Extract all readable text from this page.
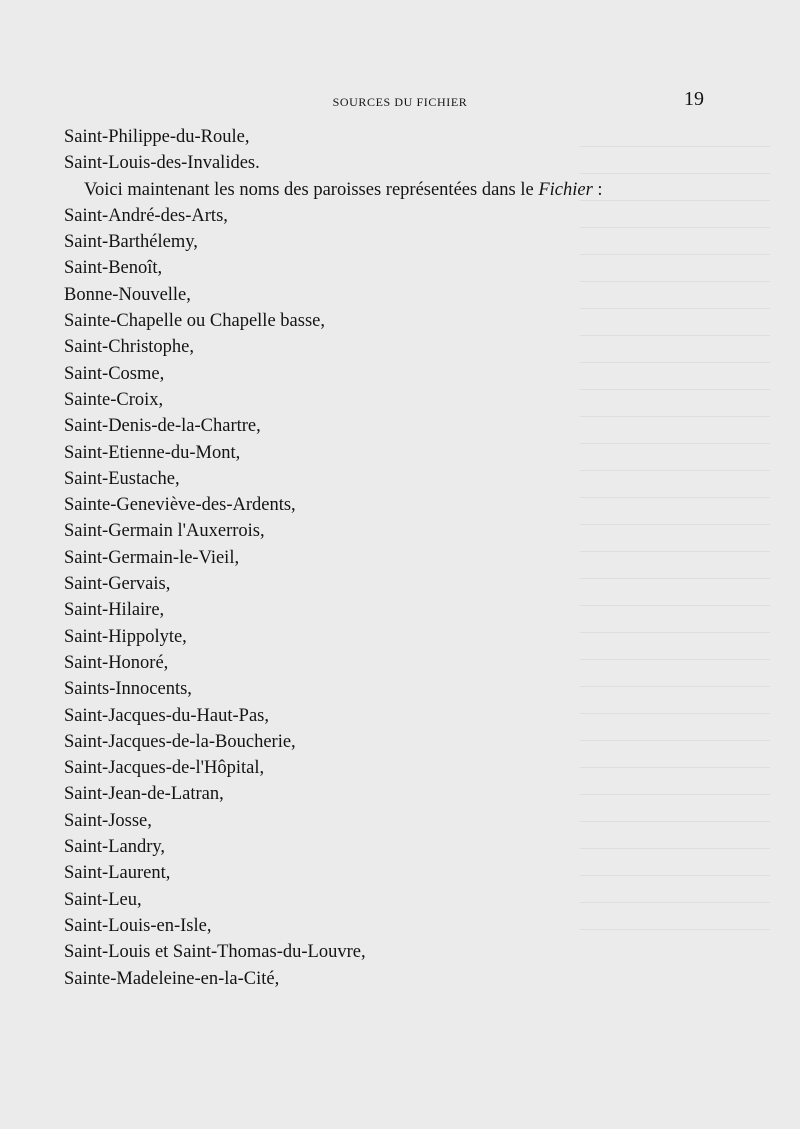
SOURCES DU FICHIER	19
Saint-Philippe-du-Roule,
Saint-Louis-des-Invalides.
Voici maintenant les noms des paroisses représentées dans le Fichier :
Saint-André-des-Arts,
Saint-Barthélemy,
Saint-Benoît,
Bonne-Nouvelle,
Sainte-Chapelle ou Chapelle basse,
Saint-Christophe,
Saint-Cosme,
Sainte-Croix,
Saint-Denis-de-la-Chartre,
Saint-Etienne-du-Mont,
Saint-Eustache,
Sainte-Geneviève-des-Ardents,
Saint-Germain l'Auxerrois,
Saint-Germain-le-Vieil,
Saint-Gervais,
Saint-Hilaire,
Saint-Hippolyte,
Saint-Honoré,
Saints-Innocents,
Saint-Jacques-du-Haut-Pas,
Saint-Jacques-de-la-Boucherie,
Saint-Jacques-de-l'Hôpital,
Saint-Jean-de-Latran,
Saint-Josse,
Saint-Landry,
Saint-Laurent,
Saint-Leu,
Saint-Louis-en-Isle,
Saint-Louis et Saint-Thomas-du-Louvre,
Sainte-Madeleine-en-la-Cité,
